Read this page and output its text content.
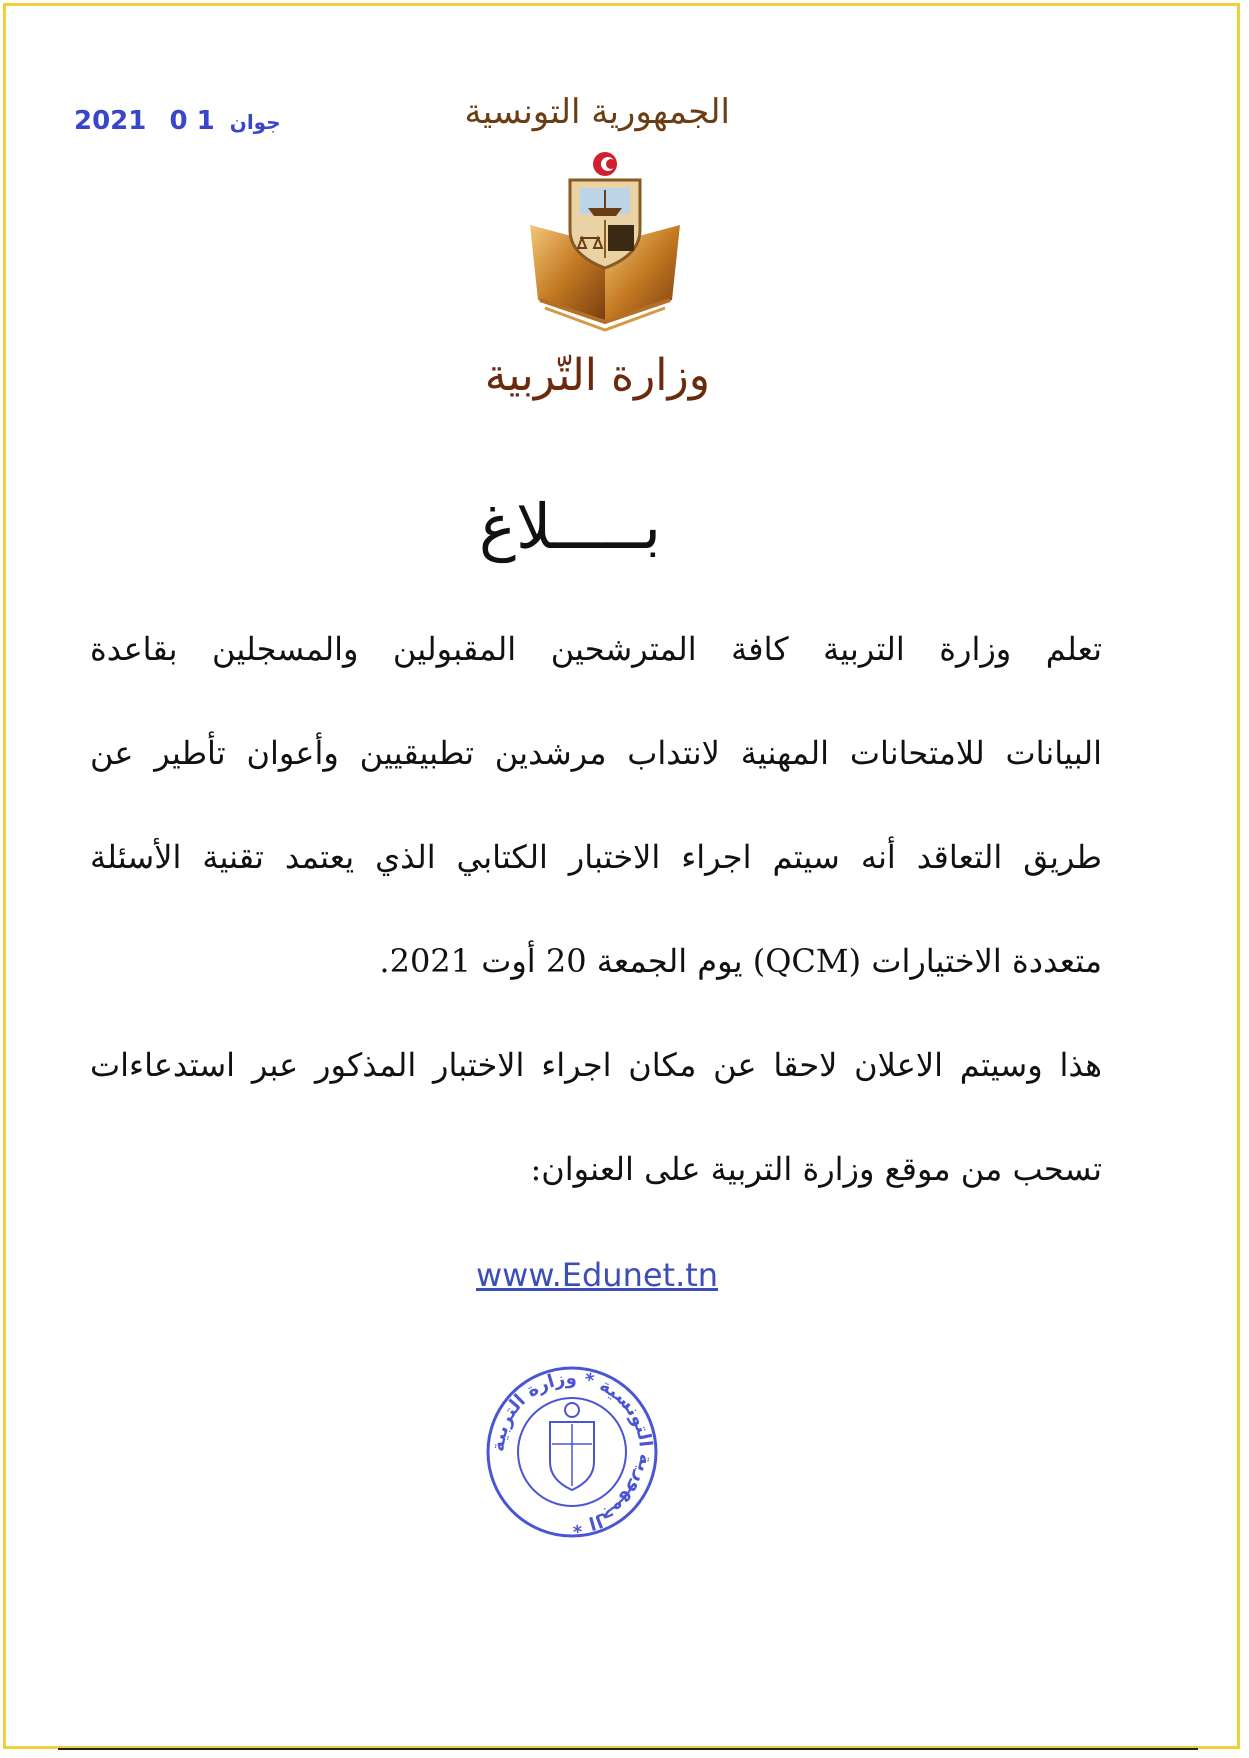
2021	جوان 1 0	الجمهورية التونسية
وزارة التّربية
بـــــلاغ
تعلم وزارة التربية كافة المترشحين المقبولين والمسجلين بقاعدة
البيانات للامتحانات المهنية لانتداب مرشدين تطبيقيين وأعوان تأطير عن
طريق التعاقد أنه سيتم اجراء الاختبار الكتابي الذي يعتمد تقنية الأسئلة
متعددة الاختيارات (QCM) يوم الجمعة 20 أوت 2021.
هذا وسيتم الاعلان لاحقا عن مكان اجراء الاختبار المذكور عبر استدعاءات
تسحب من موقع وزارة التربية على العنوان:
www.Edunet.tn
الجمهورية التونسية * وزارة التربية *
